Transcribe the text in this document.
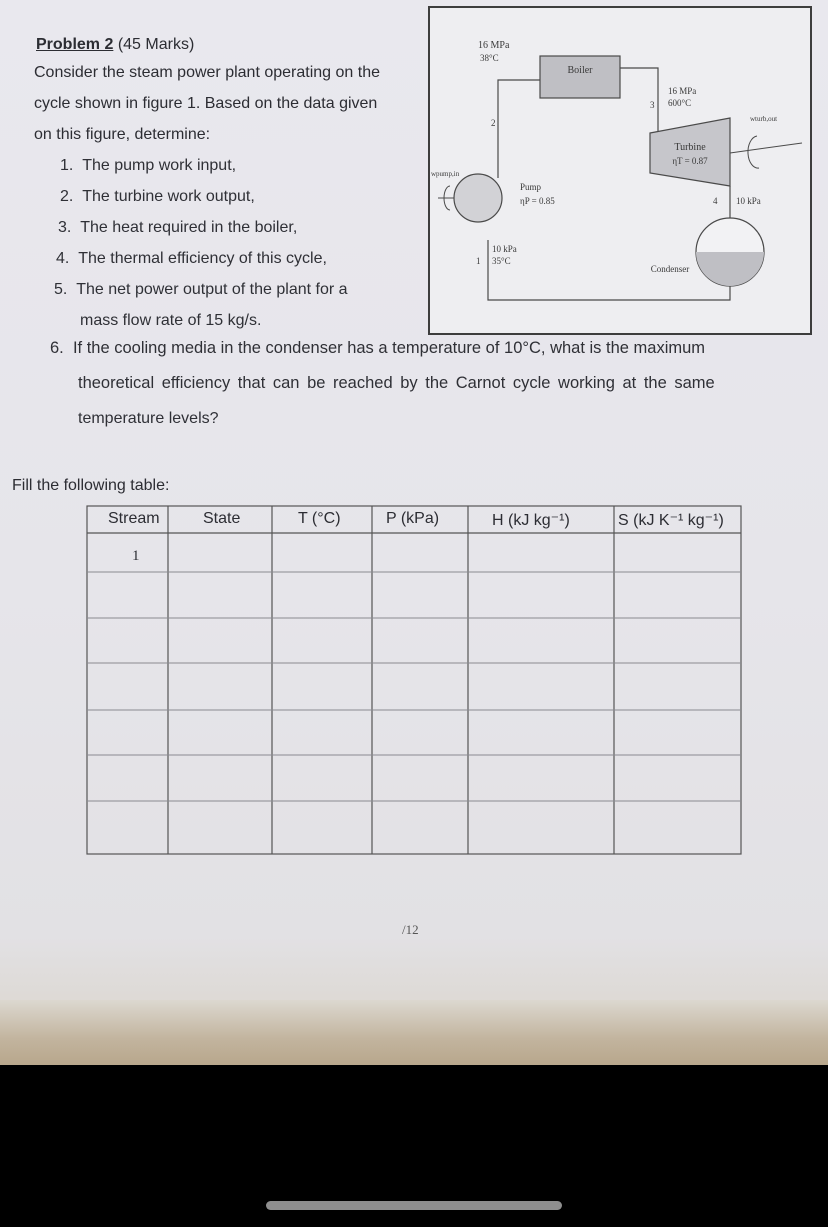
Problem 2 (45 Marks)
Consider the steam power plant operating on the
cycle shown in figure 1. Based on the data given
on this figure, determine:
1. The pump work input,
2. The turbine work output,
3. The heat required in the boiler,
4. The thermal efficiency of this cycle,
5. The net power output of the plant for a
mass flow rate of 15 kg/s.
6. If the cooling media in the condenser has a temperature of 10°C, what is the maximum
theoretical efficiency that can be reached by the Carnot cycle working at the same
temperature levels?
Boiler
16 MPa
38°C
2
3
16 MPa
600°C
Turbine
ηT = 0.87
wturb,out
4 10 kPa
Condenser
wpump,in
Pump
ηP = 0.85
1
10 kPa
35°C
Fill the following table:
Stream	State	T (°C)	P (kPa)	H (kJ kg⁻¹)	S (kJ K⁻¹ kg⁻¹)
1
/12
